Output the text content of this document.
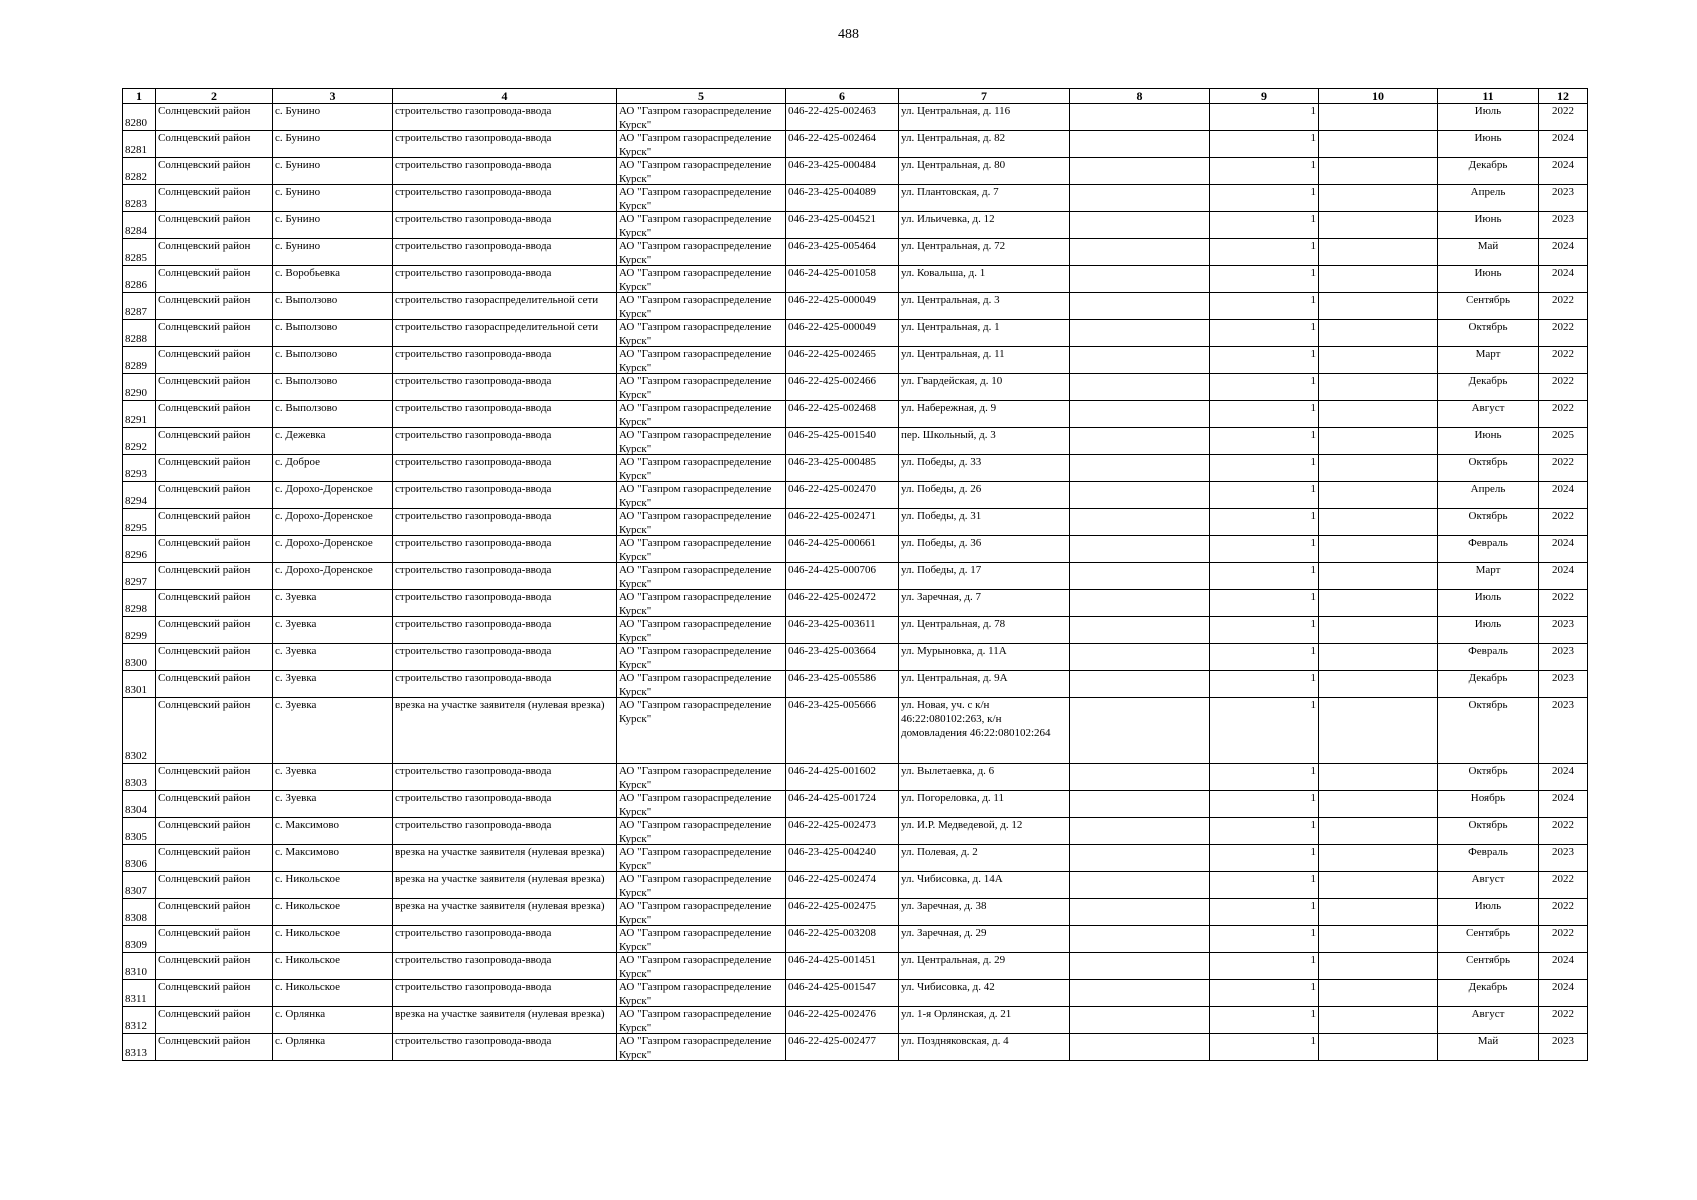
488
1	2	3	4	5	6	7	8	9	10	11	12
8280	Солнцевский район	с. Бунино	строительство газопровода-ввода	АО "Газпром газораспределение Курск"	046-22-425-002463	ул. Центральная, д. 116		1		Июль	2022
8281	Солнцевский район	с. Бунино	строительство газопровода-ввода	АО "Газпром газораспределение Курск"	046-22-425-002464	ул. Центральная, д. 82		1		Июнь	2024
8282	Солнцевский район	с. Бунино	строительство газопровода-ввода	АО "Газпром газораспределение Курск"	046-23-425-000484	ул. Центральная, д. 80		1		Декабрь	2024
8283	Солнцевский район	с. Бунино	строительство газопровода-ввода	АО "Газпром газораспределение Курск"	046-23-425-004089	ул. Плантовская, д. 7		1		Апрель	2023
8284	Солнцевский район	с. Бунино	строительство газопровода-ввода	АО "Газпром газораспределение Курск"	046-23-425-004521	ул. Ильичевка, д. 12		1		Июнь	2023
8285	Солнцевский район	с. Бунино	строительство газопровода-ввода	АО "Газпром газораспределение Курск"	046-23-425-005464	ул. Центральная, д. 72		1		Май	2024
8286	Солнцевский район	с. Воробьевка	строительство газопровода-ввода	АО "Газпром газораспределение Курск"	046-24-425-001058	ул. Ковальша, д. 1		1		Июнь	2024
8287	Солнцевский район	с. Выползово	строительство газораспределительной сети	АО "Газпром газораспределение Курск"	046-22-425-000049	ул. Центральная, д. 3		1		Сентябрь	2022
8288	Солнцевский район	с. Выползово	строительство газораспределительной сети	АО "Газпром газораспределение Курск"	046-22-425-000049	ул. Центральная, д. 1		1		Октябрь	2022
8289	Солнцевский район	с. Выползово	строительство газопровода-ввода	АО "Газпром газораспределение Курск"	046-22-425-002465	ул. Центральная, д. 11		1		Март	2022
8290	Солнцевский район	с. Выползово	строительство газопровода-ввода	АО "Газпром газораспределение Курск"	046-22-425-002466	ул. Гвардейская, д. 10		1		Декабрь	2022
8291	Солнцевский район	с. Выползово	строительство газопровода-ввода	АО "Газпром газораспределение Курск"	046-22-425-002468	ул. Набережная, д. 9		1		Август	2022
8292	Солнцевский район	с. Дежевка	строительство газопровода-ввода	АО "Газпром газораспределение Курск"	046-25-425-001540	пер. Школьный, д. 3		1		Июнь	2025
8293	Солнцевский район	с. Доброе	строительство газопровода-ввода	АО "Газпром газораспределение Курск"	046-23-425-000485	ул. Победы, д. 33		1		Октябрь	2022
8294	Солнцевский район	с. Дорохо-Доренское	строительство газопровода-ввода	АО "Газпром газораспределение Курск"	046-22-425-002470	ул. Победы, д. 26		1		Апрель	2024
8295	Солнцевский район	с. Дорохо-Доренское	строительство газопровода-ввода	АО "Газпром газораспределение Курск"	046-22-425-002471	ул. Победы, д. 31		1		Октябрь	2022
8296	Солнцевский район	с. Дорохо-Доренское	строительство газопровода-ввода	АО "Газпром газораспределение Курск"	046-24-425-000661	ул. Победы, д. 36		1		Февраль	2024
8297	Солнцевский район	с. Дорохо-Доренское	строительство газопровода-ввода	АО "Газпром газораспределение Курск"	046-24-425-000706	ул. Победы, д. 17		1		Март	2024
8298	Солнцевский район	с. Зуевка	строительство газопровода-ввода	АО "Газпром газораспределение Курск"	046-22-425-002472	ул. Заречная, д. 7		1		Июль	2022
8299	Солнцевский район	с. Зуевка	строительство газопровода-ввода	АО "Газпром газораспределение Курск"	046-23-425-003611	ул. Центральная, д. 78		1		Июль	2023
8300	Солнцевский район	с. Зуевка	строительство газопровода-ввода	АО "Газпром газораспределение Курск"	046-23-425-003664	ул. Мурыновка, д. 11А		1		Февраль	2023
8301	Солнцевский район	с. Зуевка	строительство газопровода-ввода	АО "Газпром газораспределение Курск"	046-23-425-005586	ул. Центральная, д. 9А		1		Декабрь	2023
8302	Солнцевский район	с. Зуевка	врезка на участке заявителя (нулевая врезка)	АО "Газпром газораспределение Курск"	046-23-425-005666	ул. Новая, уч. с к/н 46:22:080102:263, к/н домовладения 46:22:080102:264		1		Октябрь	2023
8303	Солнцевский район	с. Зуевка	строительство газопровода-ввода	АО "Газпром газораспределение Курск"	046-24-425-001602	ул. Вылетаевка, д. 6		1		Октябрь	2024
8304	Солнцевский район	с. Зуевка	строительство газопровода-ввода	АО "Газпром газораспределение Курск"	046-24-425-001724	ул. Погореловка, д. 11		1		Ноябрь	2024
8305	Солнцевский район	с. Максимово	строительство газопровода-ввода	АО "Газпром газораспределение Курск"	046-22-425-002473	ул. И.Р. Медведевой, д. 12		1		Октябрь	2022
8306	Солнцевский район	с. Максимово	врезка на участке заявителя (нулевая врезка)	АО "Газпром газораспределение Курск"	046-23-425-004240	ул. Полевая, д. 2		1		Февраль	2023
8307	Солнцевский район	с. Никольское	врезка на участке заявителя (нулевая врезка)	АО "Газпром газораспределение Курск"	046-22-425-002474	ул. Чибисовка, д. 14А		1		Август	2022
8308	Солнцевский район	с. Никольское	врезка на участке заявителя (нулевая врезка)	АО "Газпром газораспределение Курск"	046-22-425-002475	ул. Заречная, д. 38		1		Июль	2022
8309	Солнцевский район	с. Никольское	строительство газопровода-ввода	АО "Газпром газораспределение Курск"	046-22-425-003208	ул. Заречная, д. 29		1		Сентябрь	2022
8310	Солнцевский район	с. Никольское	строительство газопровода-ввода	АО "Газпром газораспределение Курск"	046-24-425-001451	ул. Центральная, д. 29		1		Сентябрь	2024
8311	Солнцевский район	с. Никольское	строительство газопровода-ввода	АО "Газпром газораспределение Курск"	046-24-425-001547	ул. Чибисовка, д. 42		1		Декабрь	2024
8312	Солнцевский район	с. Орлянка	врезка на участке заявителя (нулевая врезка)	АО "Газпром газораспределение Курск"	046-22-425-002476	ул. 1-я Орлянская, д. 21		1		Август	2022
8313	Солнцевский район	с. Орлянка	строительство газопровода-ввода	АО "Газпром газораспределение Курск"	046-22-425-002477	ул. Поздняковская, д. 4		1		Май	2023
